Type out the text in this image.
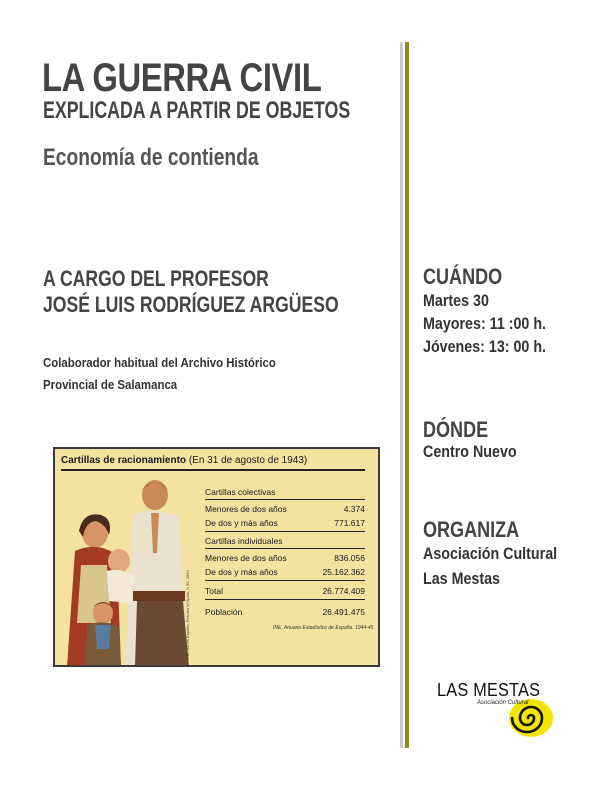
LA GUERRA CIVIL
EXPLICADA A PARTIR DE OBJETOS
Economía de contienda
A CARGO DEL PROFESOR
JOSÉ LUIS RODRÍGUEZ ARGÜESO
Colaborador habitual del Archivo Histórico
Provincial de Salamanca
CUÁNDO
Martes 30
Mayores: 11 :00 h.
Jóvenes: 13: 00 h.
DÓNDE
Centro Nuevo
ORGANIZA
Asociación Cultural
Las Mestas
Cartillas de racionamiento (En 31 de agosto de 1943)
Cartillas colectivas
Menores de dos años	4.374
De dos y más años	771.617
Cartillas individuales
Menores de dos años	836.056
De dos y más años	25.162.362
Total	26.774.409
Población	26.491.475
INE, Anuario Estadístico de España. 1944-45
INE, Así es España, Pictures of Spain, N 90, 1950
LAS MESTAS
Asociación Cultural
